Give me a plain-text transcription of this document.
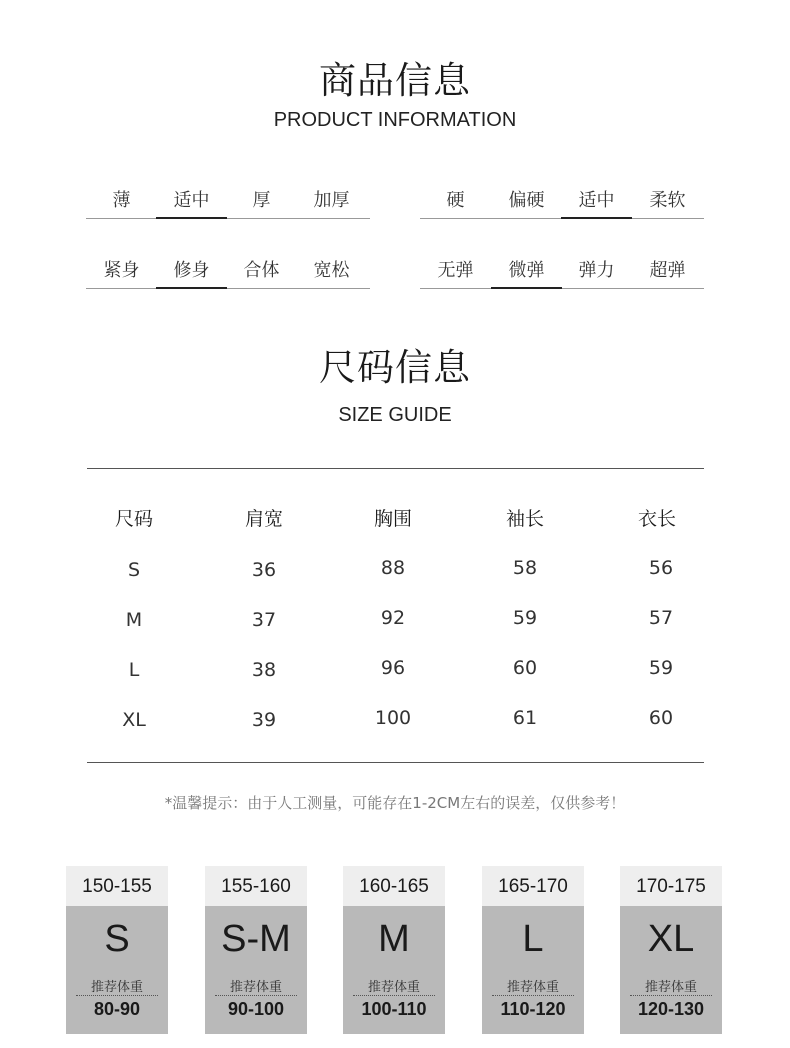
商品信息
PRODUCT INFORMATION
薄	适中	厚	加厚	硬	偏硬	适中	柔软
紧身	修身	合体	宽松	无弹	微弹	弹力	超弹
尺码信息
SIZE GUIDE
尺码	肩宽	胸围	袖长	衣长
S	36	88	58	56
M	37	92	59	57
L	38	96	60	59
XL	39	100	61	60
*温馨提示：由于人工测量，可能存在1-2CM左右的误差，仅供参考！
150-155
S
推荐体重
80-90
155-160
S-M
推荐体重
90-100
160-165
M
推荐体重
100-110
165-170
L
推荐体重
110-120
170-175
XL
推荐体重
120-130
